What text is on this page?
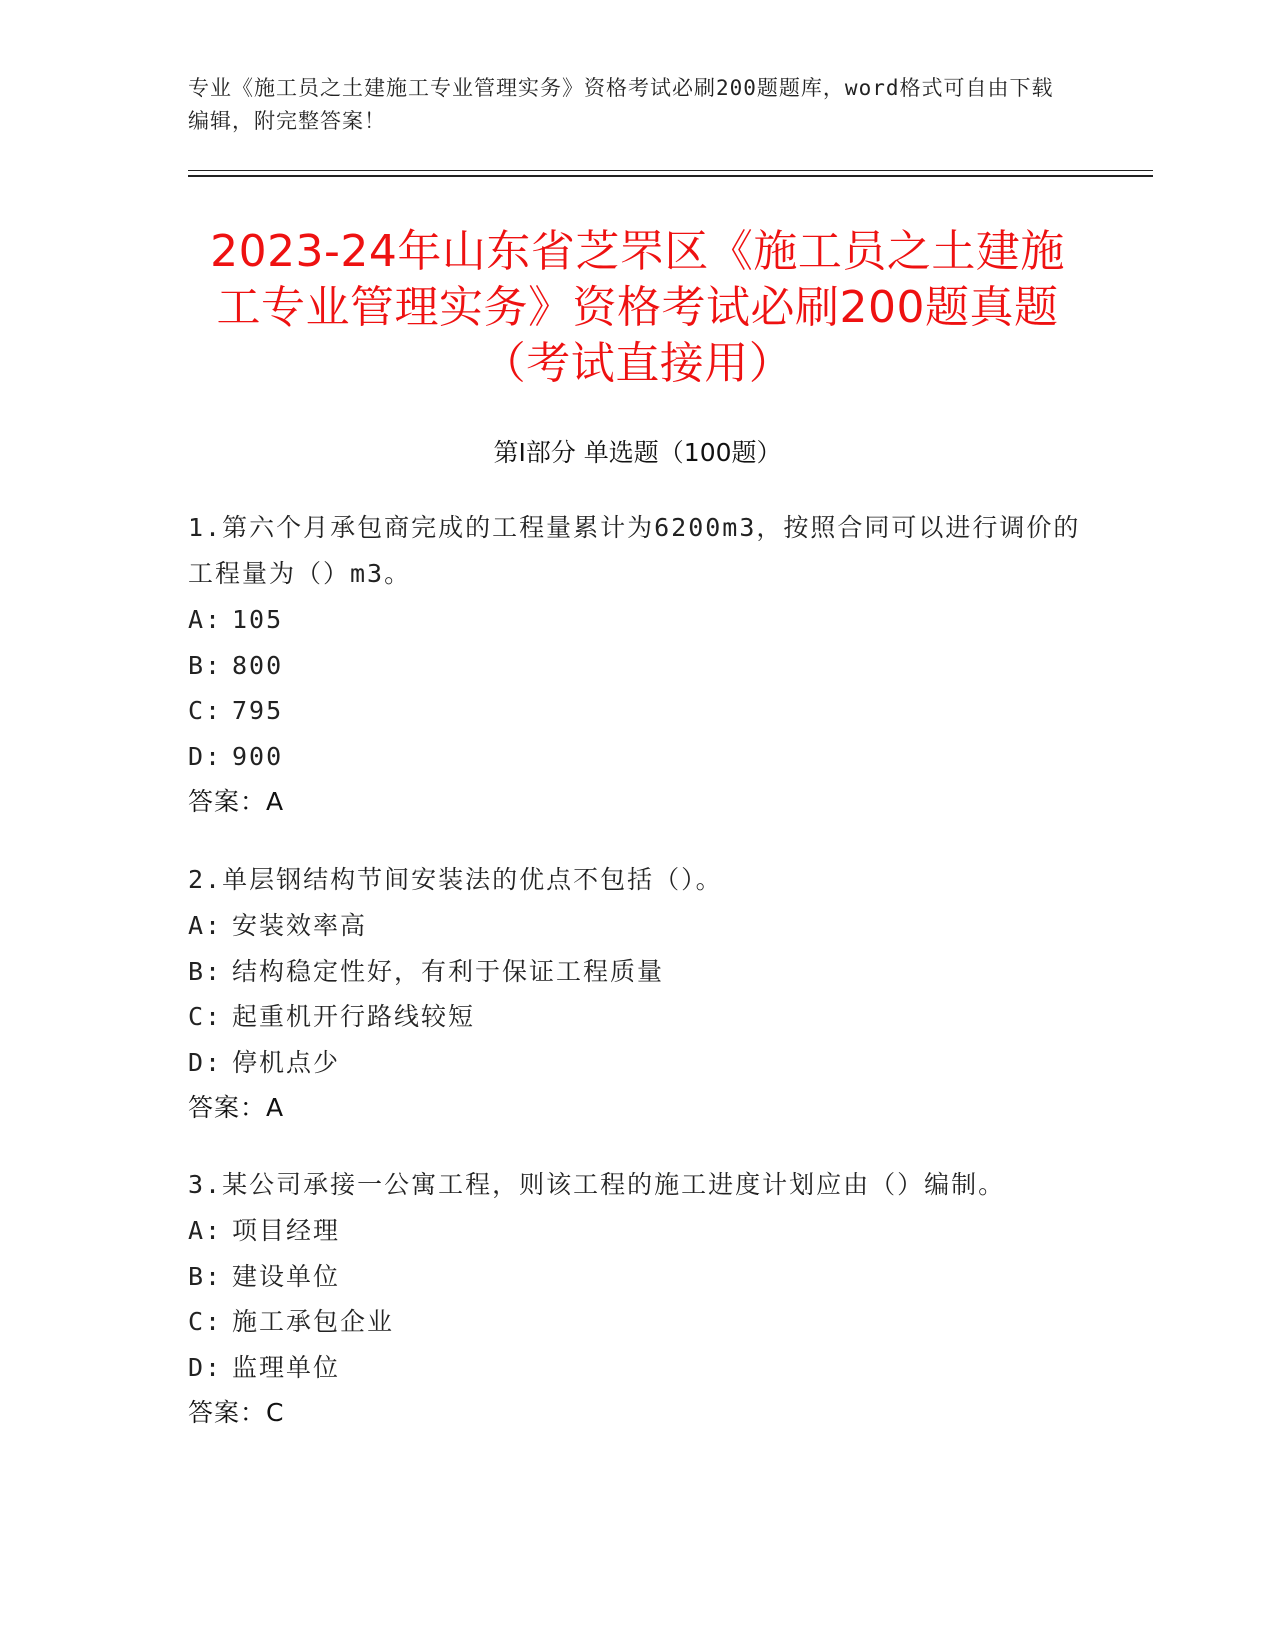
专业《施工员之土建施工专业管理实务》资格考试必刷200题题库，word格式可自由下载编辑，附完整答案！
2023-24年山东省芝罘区《施工员之土建施
工专业管理实务》资格考试必刷200题真题
（考试直接用）
第Ⅰ部分 单选题（100题）

1.第六个月承包商完成的工程量累计为6200m3，按照合同可以进行调价的工程量为（）m3。

A: 105
B: 800
C: 795
D: 900
答案：A

2.单层钢结构节间安装法的优点不包括（）。

A: 安装效率高
B: 结构稳定性好，有利于保证工程质量
C: 起重机开行路线较短
D: 停机点少
答案：A

3.某公司承接一公寓工程，则该工程的施工进度计划应由（）编制。

A: 项目经理
B: 建设单位
C: 施工承包企业
D: 监理单位
答案：C
